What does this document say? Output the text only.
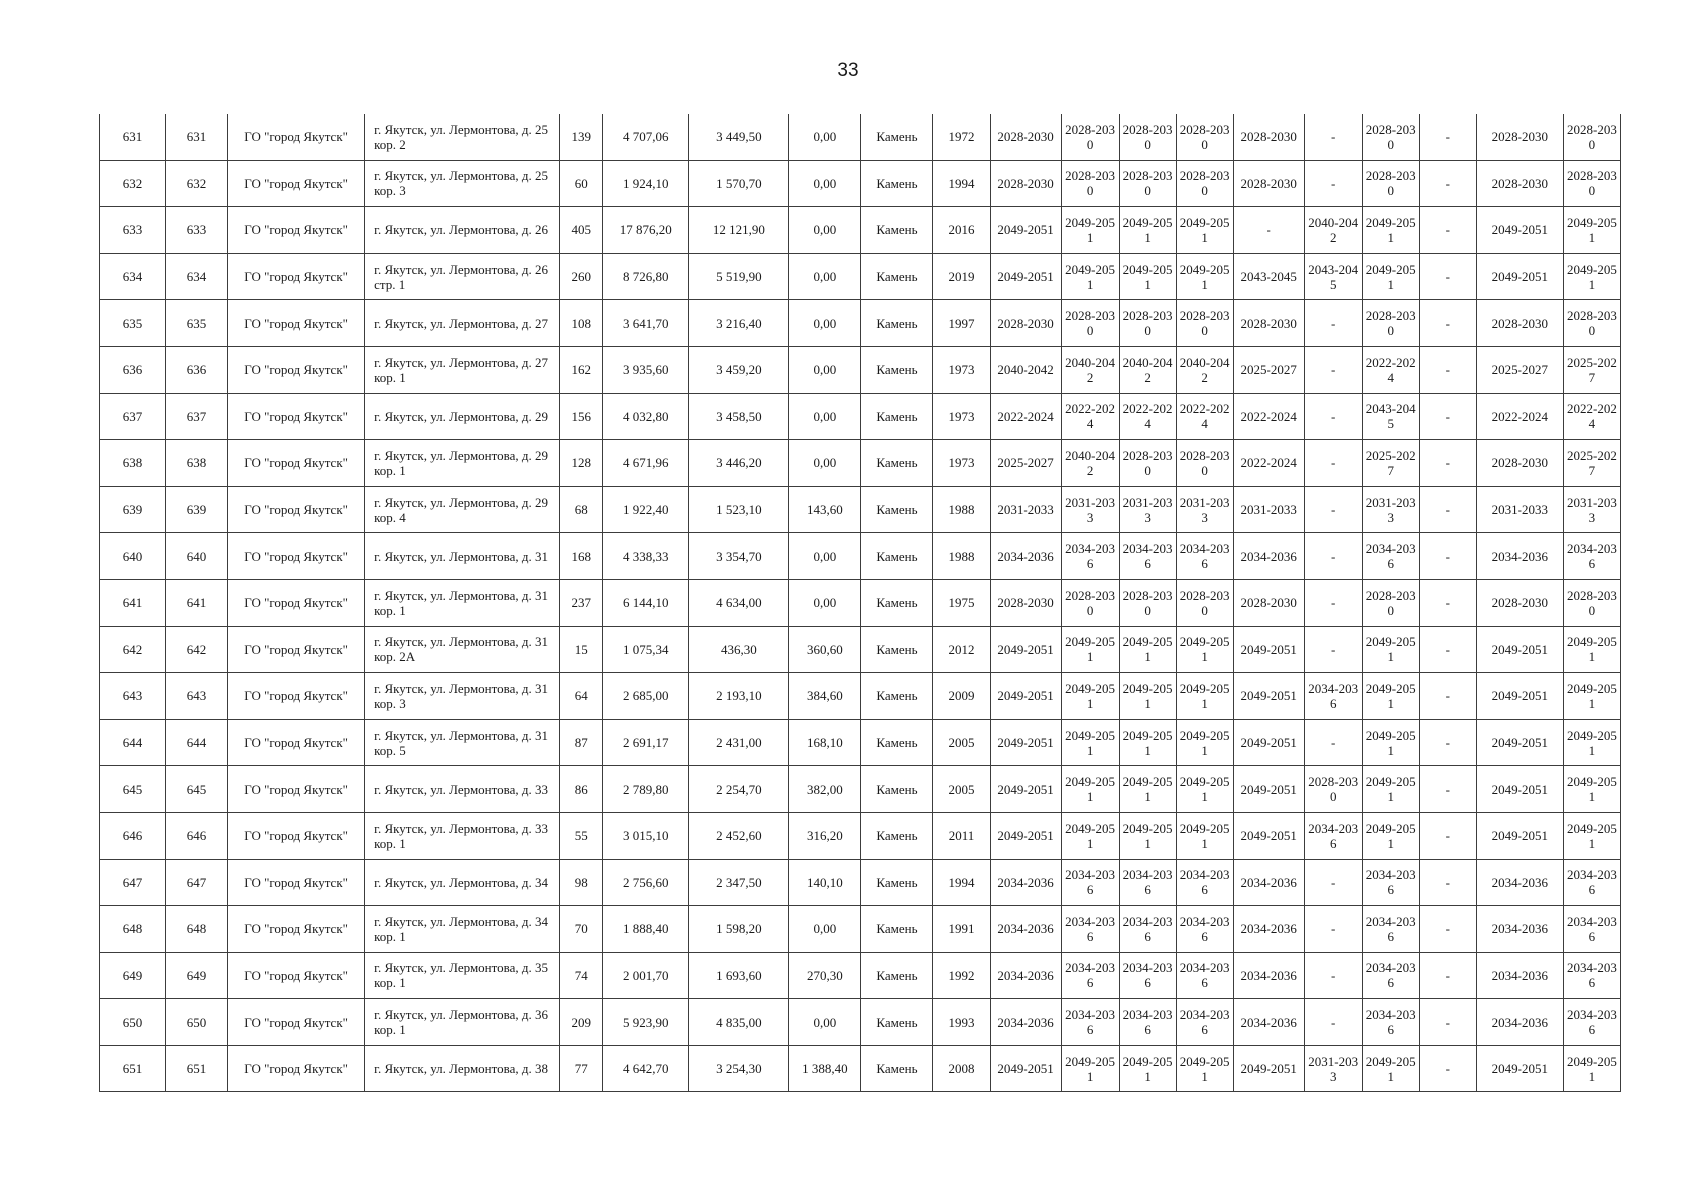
33
631	631	ГО "город Якутск"	г. Якутск, ул. Лермонтова, д. 25 кор. 2	139	4 707,06	3 449,50	0,00	Камень	1972	2028-2030	2028-2030	2028-2030	2028-2030	2028-2030	-	2028-2030	-	2028-2030	2028-2030
632	632	ГО "город Якутск"	г. Якутск, ул. Лермонтова, д. 25 кор. 3	60	1 924,10	1 570,70	0,00	Камень	1994	2028-2030	2028-2030	2028-2030	2028-2030	2028-2030	-	2028-2030	-	2028-2030	2028-2030
633	633	ГО "город Якутск"	г. Якутск, ул. Лермонтова, д. 26	405	17 876,20	12 121,90	0,00	Камень	2016	2049-2051	2049-2051	2049-2051	2049-2051	-	2040-2042	2049-2051	-	2049-2051	2049-2051
634	634	ГО "город Якутск"	г. Якутск, ул. Лермонтова, д. 26 стр. 1	260	8 726,80	5 519,90	0,00	Камень	2019	2049-2051	2049-2051	2049-2051	2049-2051	2043-2045	2043-2045	2049-2051	-	2049-2051	2049-2051
635	635	ГО "город Якутск"	г. Якутск, ул. Лермонтова, д. 27	108	3 641,70	3 216,40	0,00	Камень	1997	2028-2030	2028-2030	2028-2030	2028-2030	2028-2030	-	2028-2030	-	2028-2030	2028-2030
636	636	ГО "город Якутск"	г. Якутск, ул. Лермонтова, д. 27 кор. 1	162	3 935,60	3 459,20	0,00	Камень	1973	2040-2042	2040-2042	2040-2042	2040-2042	2025-2027	-	2022-2024	-	2025-2027	2025-2027
637	637	ГО "город Якутск"	г. Якутск, ул. Лермонтова, д. 29	156	4 032,80	3 458,50	0,00	Камень	1973	2022-2024	2022-2024	2022-2024	2022-2024	2022-2024	-	2043-2045	-	2022-2024	2022-2024
638	638	ГО "город Якутск"	г. Якутск, ул. Лермонтова, д. 29 кор. 1	128	4 671,96	3 446,20	0,00	Камень	1973	2025-2027	2040-2042	2028-2030	2028-2030	2022-2024	-	2025-2027	-	2028-2030	2025-2027
639	639	ГО "город Якутск"	г. Якутск, ул. Лермонтова, д. 29 кор. 4	68	1 922,40	1 523,10	143,60	Камень	1988	2031-2033	2031-2033	2031-2033	2031-2033	2031-2033	-	2031-2033	-	2031-2033	2031-2033
640	640	ГО "город Якутск"	г. Якутск, ул. Лермонтова, д. 31	168	4 338,33	3 354,70	0,00	Камень	1988	2034-2036	2034-2036	2034-2036	2034-2036	2034-2036	-	2034-2036	-	2034-2036	2034-2036
641	641	ГО "город Якутск"	г. Якутск, ул. Лермонтова, д. 31 кор. 1	237	6 144,10	4 634,00	0,00	Камень	1975	2028-2030	2028-2030	2028-2030	2028-2030	2028-2030	-	2028-2030	-	2028-2030	2028-2030
642	642	ГО "город Якутск"	г. Якутск, ул. Лермонтова, д. 31 кор. 2А	15	1 075,34	436,30	360,60	Камень	2012	2049-2051	2049-2051	2049-2051	2049-2051	2049-2051	-	2049-2051	-	2049-2051	2049-2051
643	643	ГО "город Якутск"	г. Якутск, ул. Лермонтова, д. 31 кор. 3	64	2 685,00	2 193,10	384,60	Камень	2009	2049-2051	2049-2051	2049-2051	2049-2051	2049-2051	2034-2036	2049-2051	-	2049-2051	2049-2051
644	644	ГО "город Якутск"	г. Якутск, ул. Лермонтова, д. 31 кор. 5	87	2 691,17	2 431,00	168,10	Камень	2005	2049-2051	2049-2051	2049-2051	2049-2051	2049-2051	-	2049-2051	-	2049-2051	2049-2051
645	645	ГО "город Якутск"	г. Якутск, ул. Лермонтова, д. 33	86	2 789,80	2 254,70	382,00	Камень	2005	2049-2051	2049-2051	2049-2051	2049-2051	2049-2051	2028-2030	2049-2051	-	2049-2051	2049-2051
646	646	ГО "город Якутск"	г. Якутск, ул. Лермонтова, д. 33 кор. 1	55	3 015,10	2 452,60	316,20	Камень	2011	2049-2051	2049-2051	2049-2051	2049-2051	2049-2051	2034-2036	2049-2051	-	2049-2051	2049-2051
647	647	ГО "город Якутск"	г. Якутск, ул. Лермонтова, д. 34	98	2 756,60	2 347,50	140,10	Камень	1994	2034-2036	2034-2036	2034-2036	2034-2036	2034-2036	-	2034-2036	-	2034-2036	2034-2036
648	648	ГО "город Якутск"	г. Якутск, ул. Лермонтова, д. 34 кор. 1	70	1 888,40	1 598,20	0,00	Камень	1991	2034-2036	2034-2036	2034-2036	2034-2036	2034-2036	-	2034-2036	-	2034-2036	2034-2036
649	649	ГО "город Якутск"	г. Якутск, ул. Лермонтова, д. 35 кор. 1	74	2 001,70	1 693,60	270,30	Камень	1992	2034-2036	2034-2036	2034-2036	2034-2036	2034-2036	-	2034-2036	-	2034-2036	2034-2036
650	650	ГО "город Якутск"	г. Якутск, ул. Лермонтова, д. 36 кор. 1	209	5 923,90	4 835,00	0,00	Камень	1993	2034-2036	2034-2036	2034-2036	2034-2036	2034-2036	-	2034-2036	-	2034-2036	2034-2036
651	651	ГО "город Якутск"	г. Якутск, ул. Лермонтова, д. 38	77	4 642,70	3 254,30	1 388,40	Камень	2008	2049-2051	2049-2051	2049-2051	2049-2051	2049-2051	2031-2033	2049-2051	-	2049-2051	2049-2051
